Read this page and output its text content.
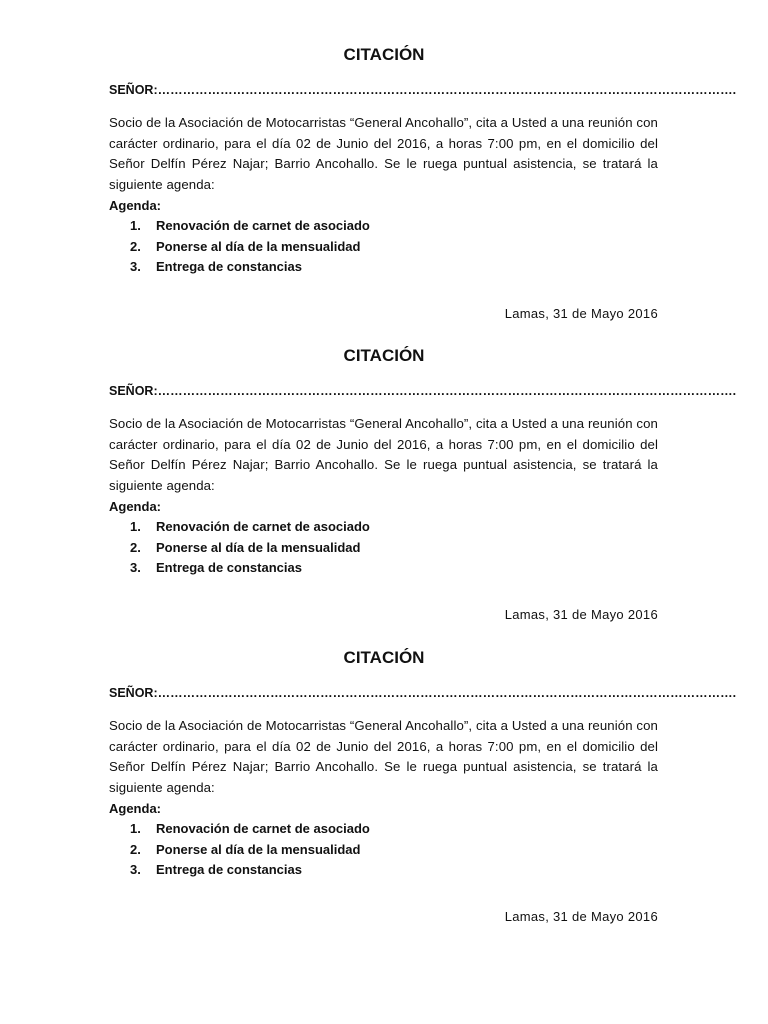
CITACIÓN
SEÑOR:………………………………………………………………………………………………………………………….
Socio de la Asociación de Motocarristas “General Ancohallo”, cita a Usted a una reunión con carácter ordinario, para el día 02 de Junio del 2016, a horas 7:00 pm, en el domicilio del Señor Delfín Pérez Najar; Barrio Ancohallo. Se le ruega puntual asistencia, se tratará la siguiente agenda:
Agenda:
1. Renovación de carnet de asociado
2. Ponerse al día de la mensualidad
3. Entrega de constancias
Lamas, 31 de Mayo 2016
CITACIÓN
SEÑOR:………………………………………………………………………………………………………………………….
Socio de la Asociación de Motocarristas “General Ancohallo”, cita a Usted a una reunión con carácter ordinario, para el día 02 de Junio del 2016, a horas 7:00 pm, en el domicilio del Señor Delfín Pérez Najar; Barrio Ancohallo. Se le ruega puntual asistencia, se tratará la siguiente agenda:
Agenda:
1. Renovación de carnet de asociado
2. Ponerse al día de la mensualidad
3. Entrega de constancias
Lamas, 31 de Mayo 2016
CITACIÓN
SEÑOR:………………………………………………………………………………………………………………………….
Socio de la Asociación de Motocarristas “General Ancohallo”, cita a Usted a una reunión con carácter ordinario, para el día 02 de Junio del 2016, a horas 7:00 pm, en el domicilio del Señor Delfín Pérez Najar; Barrio Ancohallo. Se le ruega puntual asistencia, se tratará la siguiente agenda:
Agenda:
1. Renovación de carnet de asociado
2. Ponerse al día de la mensualidad
3. Entrega de constancias
Lamas, 31 de Mayo 2016
